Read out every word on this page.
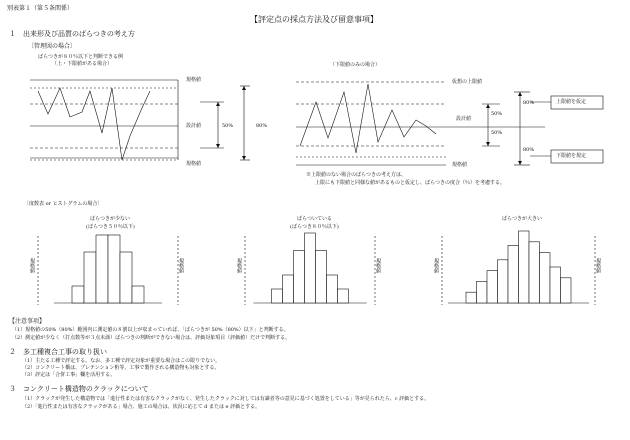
別表第１（第５条関係）
【評定点の採点方法及び留意事項】
１　出来形及び品質のばらつきの考え方
〔管理図の場合〕
ばらつきが８０％以下と判断できる例
（上・下限値がある場合）	（下限値のみの場合）
規格値
設計値
規格値
50%	80%
仮想の上限値
設計値
規格値
50%
50%
80%
80%
上限値を仮定
下限値を規定
※上限値のない場合のばらつきの考え方は、
上限にも下限値と同様な値があるものと仮定し、ばらつきの度合（％）を考慮する。
〔度数表 or ヒストグラムの場合〕
ばらつきが少ない
(ばらつき５０％以下)
ばらついている
(ばらつき８０％以下)
ばらつきが大きい
規格値	規格値	規格値	規格値	規格値	規格値
【注意事項】
（1）規格値の50%（80%）範囲内に測定値の８割以上が収まっていれば、「ばらつきが 50%（80%）以下」と判断する。
（2）測定値が少なく（打点数等が３点未満）ばらつきの判断ができない場合は、評価対象項目（評価値）だけで判断する。
２　多工種複合工事の取り扱い
（1）主たる工種で評定する。なお、多工種で評定対象が重要な場合はこの限りでない。
（2）コンクリート橋は、プレテンション桁等、工事で製作される構造物も対象とする。
（3）評定は「合併工事」欄を活用する。
３　コンクリート構造物のクラックについて
（1）クラックが発生した構造物では「進行性または有害なクラックがなく、発生したクラックに対しては有識者等の意見に基づく処置をしている」等が見られたら、c 評価とする。
（2）「進行性または有害なクラックがある」場合、施工の場合は、状況に応じて d または e 評価とする。
